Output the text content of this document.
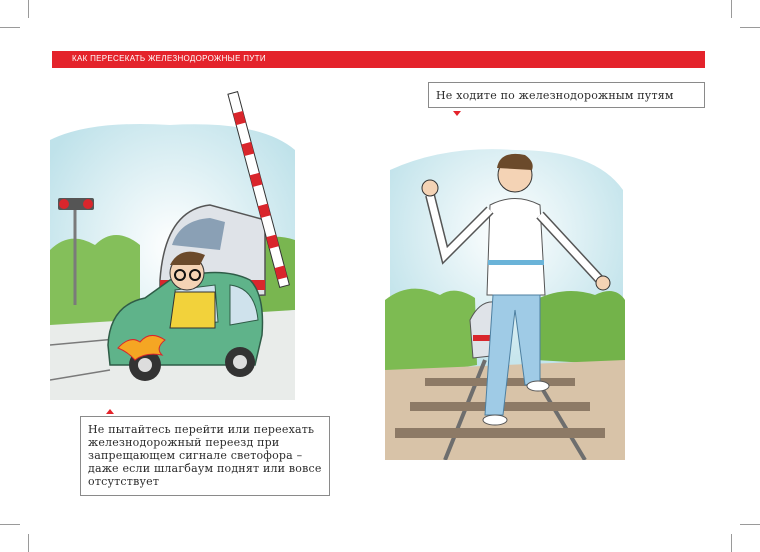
КАК ПЕРЕСЕКАТЬ ЖЕЛЕЗНОДОРОЖНЫЕ ПУТИ
Не пытайтесь перейти или переехать железнодорожный переезд при запрещающем сигнале светофора – даже если шлагбаум поднят или вовсе отсутствует
Не ходите по железнодорожным путям
